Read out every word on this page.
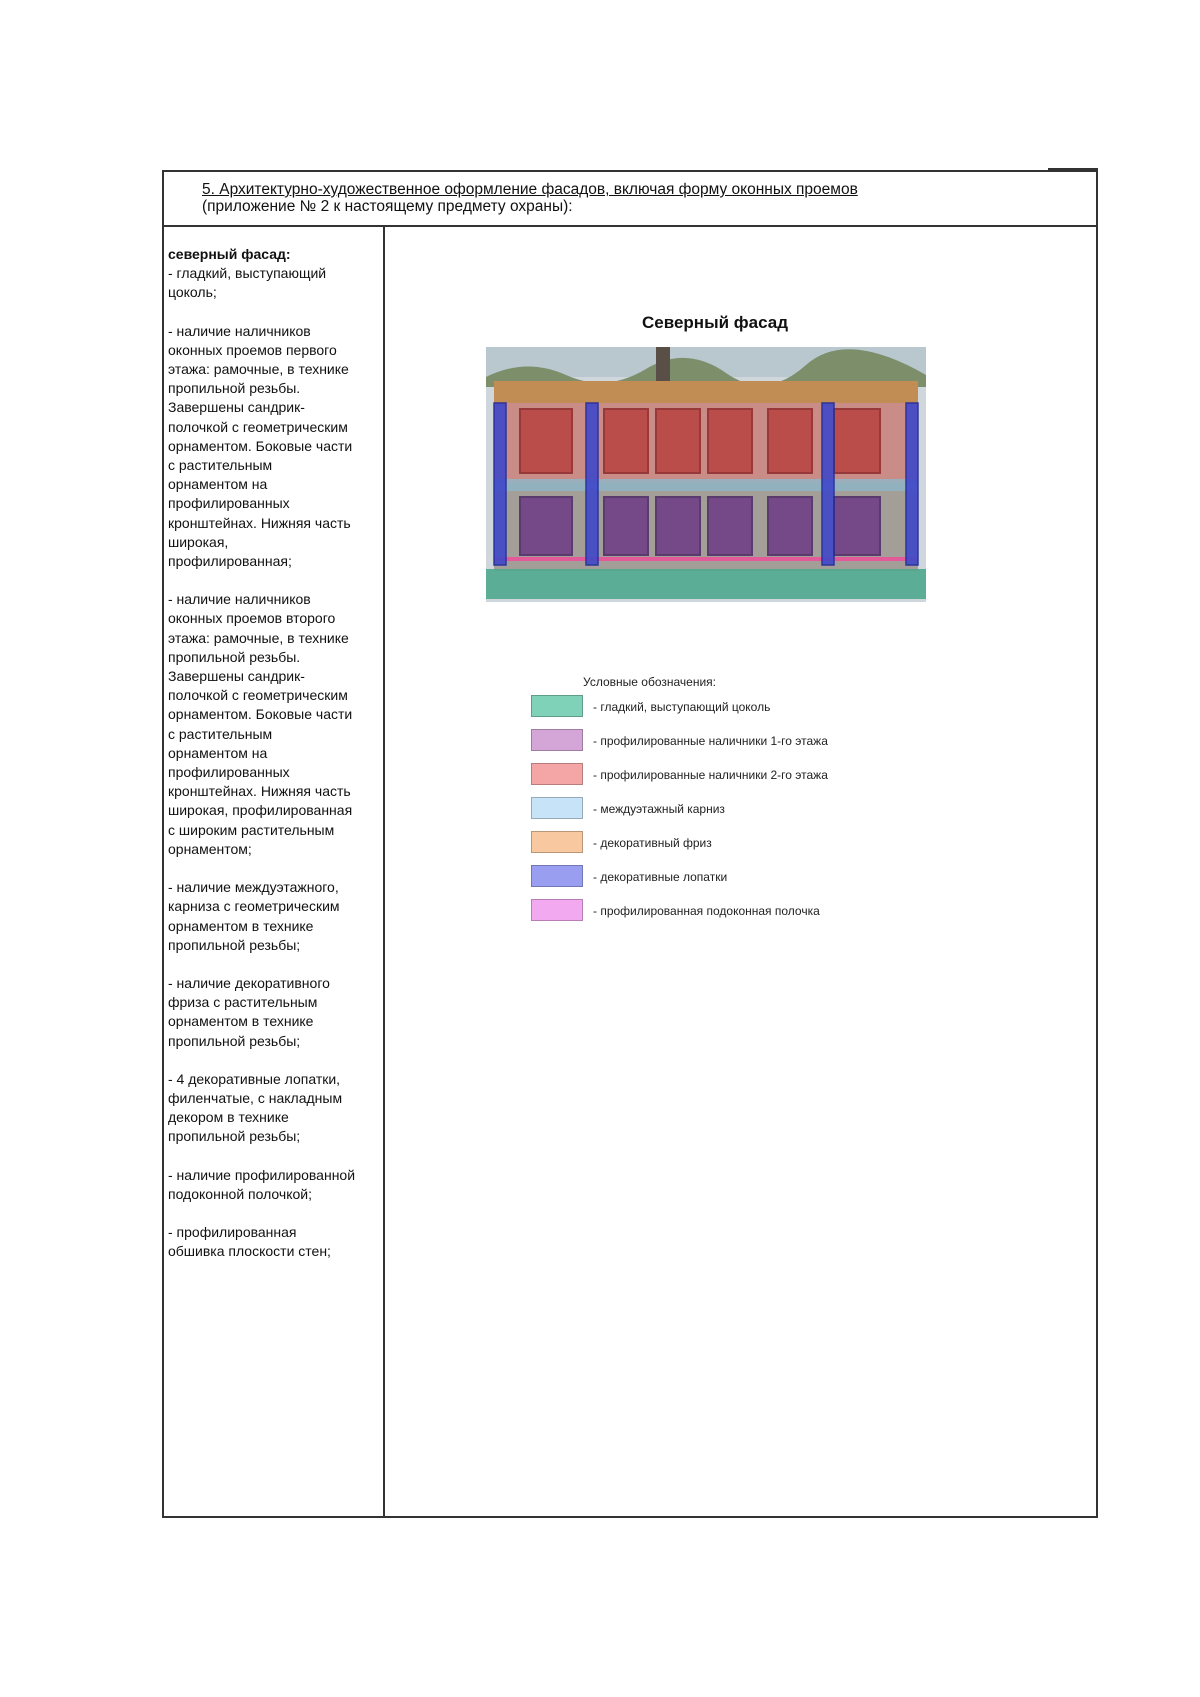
5. Архитектурно-художественное оформление фасадов, включая форму оконных проемов
(приложение № 2 к настоящему предмету охраны):
северный фасад:

- гладкий, выступающий
цоколь;

- наличие наличников
оконных проемов первого
этажа: рамочные, в технике
пропильной резьбы.
Завершены сандрик-
полочкой с геометрическим
орнаментом. Боковые части
с растительным
орнаментом на
профилированных
кронштейнах. Нижняя часть
широкая,
профилированная;

- наличие наличников
оконных проемов второго
этажа: рамочные, в технике
пропильной резьбы.
Завершены сандрик-
полочкой с геометрическим
орнаментом. Боковые части
с растительным
орнаментом на
профилированных
кронштейнах. Нижняя часть
широкая, профилированная
с широким растительным
орнаментом;

- наличие междуэтажного,
карниза с геометрическим
орнаментом в технике
пропильной резьбы;

- наличие декоративного
фриза с растительным
орнаментом в технике
пропильной резьбы;

- 4 декоративные лопатки,
филенчатые, с накладным
декором в технике
пропильной резьбы;

- наличие профилированной
подоконной полочкой;

- профилированная
обшивка плоскости стен;

Северный фасад
Условные обозначения:
- гладкий, выступающий цоколь
- профилированные наличники 1-го этажа
- профилированные наличники 2-го этажа
- междуэтажный карниз
- декоративный фриз
- декоративные лопатки
- профилированная подоконная полочка
